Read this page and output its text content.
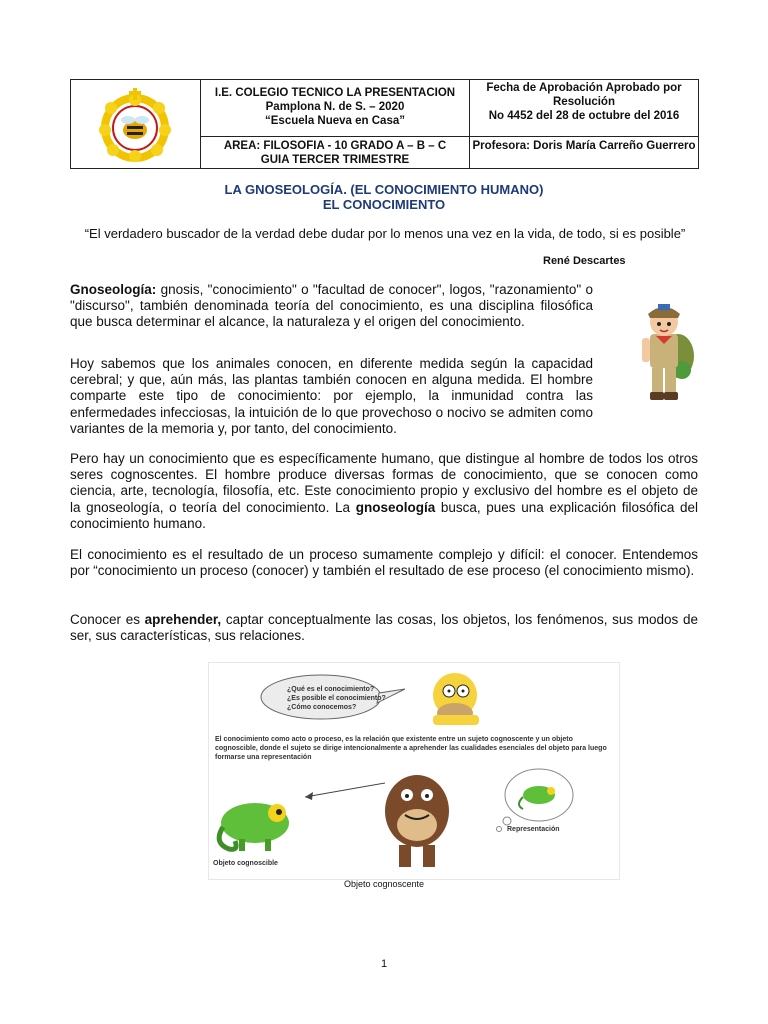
I.E. COLEGIO TECNICO LA PRESENTACION
Pamplona N. de S. – 2020
“Escuela Nueva en Casa”
Fecha de Aprobación Aprobado por Resolución
No 4452 del 28 de octubre del 2016
AREA: FILOSOFIA - 10 GRADO A – B – C
GUIA TERCER TRIMESTRE
Profesora: Doris María Carreño Guerrero
LA GNOSEOLOGÍA. (EL CONOCIMIENTO HUMANO)
EL CONOCIMIENTO
“El verdadero buscador de la verdad debe dudar por lo menos una vez en la vida, de todo, si es posible”
René Descartes
Gnoseología: gnosis, "conocimiento" o "facultad de conocer", logos, "razonamiento" o "discurso", también denominada teoría del conocimiento, es una disciplina filosófica que busca determinar el alcance, la naturaleza y el origen del conocimiento.
Hoy sabemos que los animales conocen, en diferente medida según la capacidad cerebral; y que, aún más, las plantas también conocen en alguna medida. El hombre comparte este tipo de conocimiento: por ejemplo, la inmunidad contra las enfermedades infecciosas, la intuición de lo que provechoso o nocivo se admiten como variantes de la memoria y, por tanto, del conocimiento.
Pero hay un conocimiento que es específicamente humano, que distingue al hombre de todos los otros seres cognoscentes. El hombre produce diversas formas de conocimiento, que se conocen como ciencia, arte, tecnología, filosofía, etc. Este conocimiento propio y exclusivo del hombre es el objeto de la gnoseología, o teoría del conocimiento. La gnoseología busca, pues una explicación filosófica del conocimiento humano.
El conocimiento es el resultado de un proceso sumamente complejo y difícil: el conocer. Entendemos por “conocimiento un proceso (conocer) y también el resultado de ese proceso (el conocimiento mismo).
Conocer es aprehender, captar conceptualmente las cosas, los objetos, los fenómenos, sus modos de ser, sus características, sus relaciones.
¿Qué es el conocimiento?
¿Es posible el conocimiento?
¿Cómo conocemos?
El conocimiento como acto o proceso, es la relación que existente entre un sujeto cognoscente y un objeto cognoscible, donde el sujeto se dirige intencionalmente a aprehender las cualidades esenciales del objeto para luego formarse una representación
Objeto cognoscible
Representación
Objeto cognoscente
1
